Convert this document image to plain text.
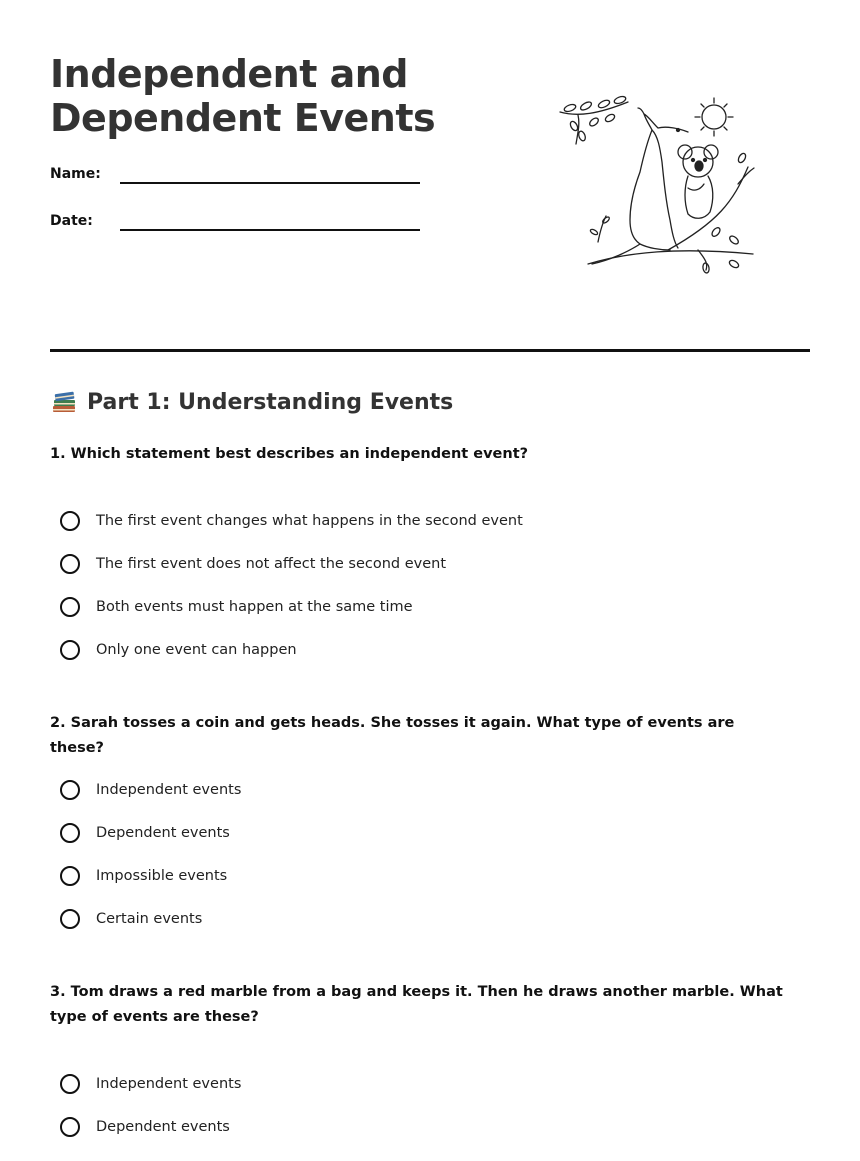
Independent and Dependent Events
Name:
Date:
Part 1: Understanding Events

1. Which statement best describes an independent event?

The first event changes what happens in the second event
The first event does not affect the second event
Both events must happen at the same time
Only one event can happen

2. Sarah tosses a coin and gets heads. She tosses it again. What type of events are these?

Independent events
Dependent events
Impossible events
Certain events

3. Tom draws a red marble from a bag and keeps it. Then he draws another marble. What type of events are these?

Independent events
Dependent events
